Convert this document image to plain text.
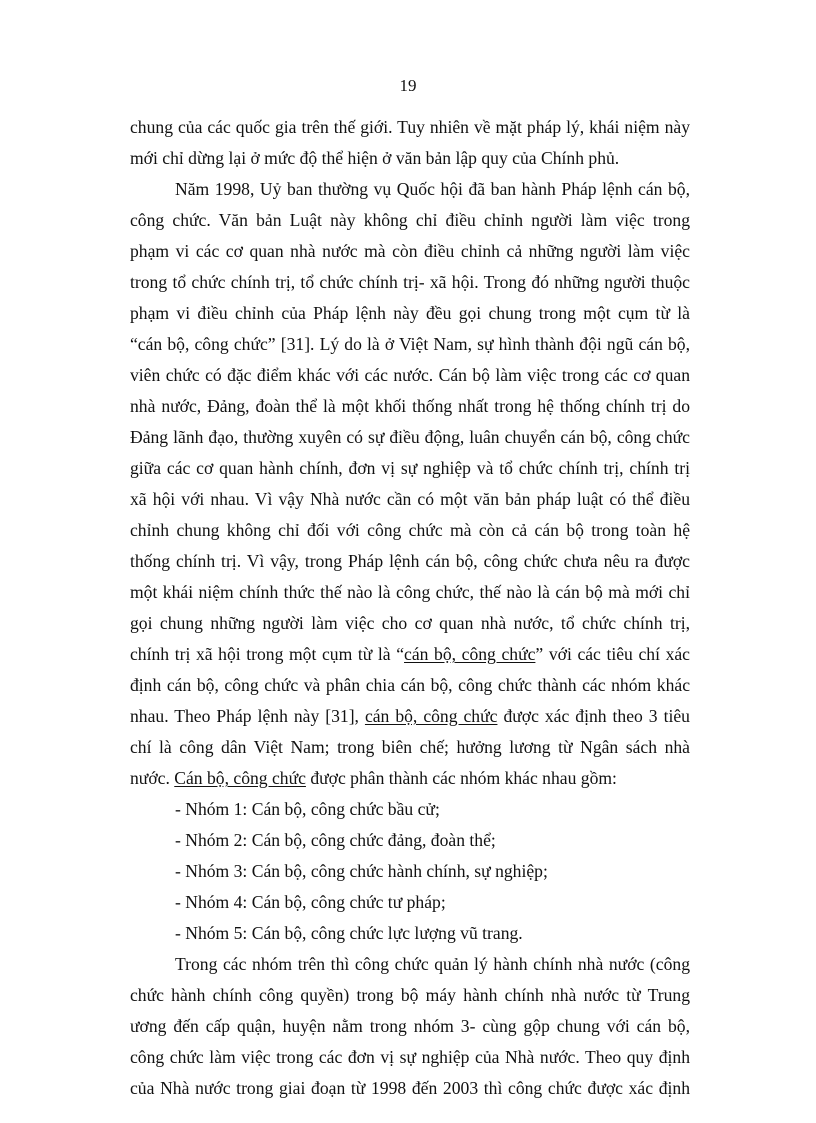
19
chung của các quốc gia trên thế giới. Tuy nhiên về mặt pháp lý, khái niệm này
mới chỉ dừng lại ở mức độ thể hiện ở văn bản lập quy của Chính phủ.
Năm 1998, Uỷ ban thường vụ Quốc hội đã ban hành Pháp lệnh cán bộ,
công chức. Văn bản Luật này không chỉ điều chỉnh người làm việc trong
phạm vi các cơ quan nhà nước mà còn điều chỉnh cả những người làm việc
trong tổ chức chính trị, tổ chức chính trị- xã hội. Trong đó những người thuộc
phạm vi điều chỉnh của Pháp lệnh này đều gọi chung trong một cụm từ là
“cán bộ, công chức” [31]. Lý do là ở Việt Nam, sự hình thành đội ngũ cán bộ,
viên chức có đặc điểm khác với các nước. Cán bộ làm việc trong các cơ quan
nhà nước, Đảng, đoàn thể là một khối thống nhất trong hệ thống chính trị do
Đảng lãnh đạo, thường xuyên có sự điều động, luân chuyển cán bộ, công chức
giữa các cơ quan hành chính, đơn vị sự nghiệp và tổ chức chính trị, chính trị
xã hội với nhau. Vì vậy Nhà nước cần có một văn bản pháp luật có thể điều
chỉnh chung không chỉ đối với công chức mà còn cả cán bộ trong toàn hệ
thống chính trị. Vì vậy, trong Pháp lệnh cán bộ, công chức chưa nêu ra được
một khái niệm chính thức thế nào là công chức, thế nào là cán bộ mà mới chỉ
gọi chung những người làm việc cho cơ quan nhà nước, tổ chức chính trị,
chính trị xã hội trong một cụm từ là “cán bộ, công chức” với các tiêu chí xác
định cán bộ, công chức và phân chia cán bộ, công chức thành các nhóm khác
nhau. Theo Pháp lệnh này [31], cán bộ, công chức được xác định theo 3 tiêu
chí là công dân Việt Nam; trong biên chế; hưởng lương từ Ngân sách nhà
nước. Cán bộ, công chức được phân thành các nhóm khác nhau gồm:
- Nhóm 1: Cán bộ, công chức bầu cử;
- Nhóm 2: Cán bộ, công chức đảng, đoàn thể;
- Nhóm 3: Cán bộ, công chức hành chính, sự nghiệp;
- Nhóm 4: Cán bộ, công chức tư pháp;
- Nhóm 5: Cán bộ, công chức lực lượng vũ trang.
Trong các nhóm trên thì công chức quản lý hành chính nhà nước (công
chức hành chính công quyền) trong bộ máy hành chính nhà nước từ Trung
ương đến cấp quận, huyện nằm trong nhóm 3- cùng gộp chung với cán bộ,
công chức làm việc trong các đơn vị sự nghiệp của Nhà nước. Theo quy định
của Nhà nước trong giai đoạn từ 1998 đến 2003 thì công chức được xác định
